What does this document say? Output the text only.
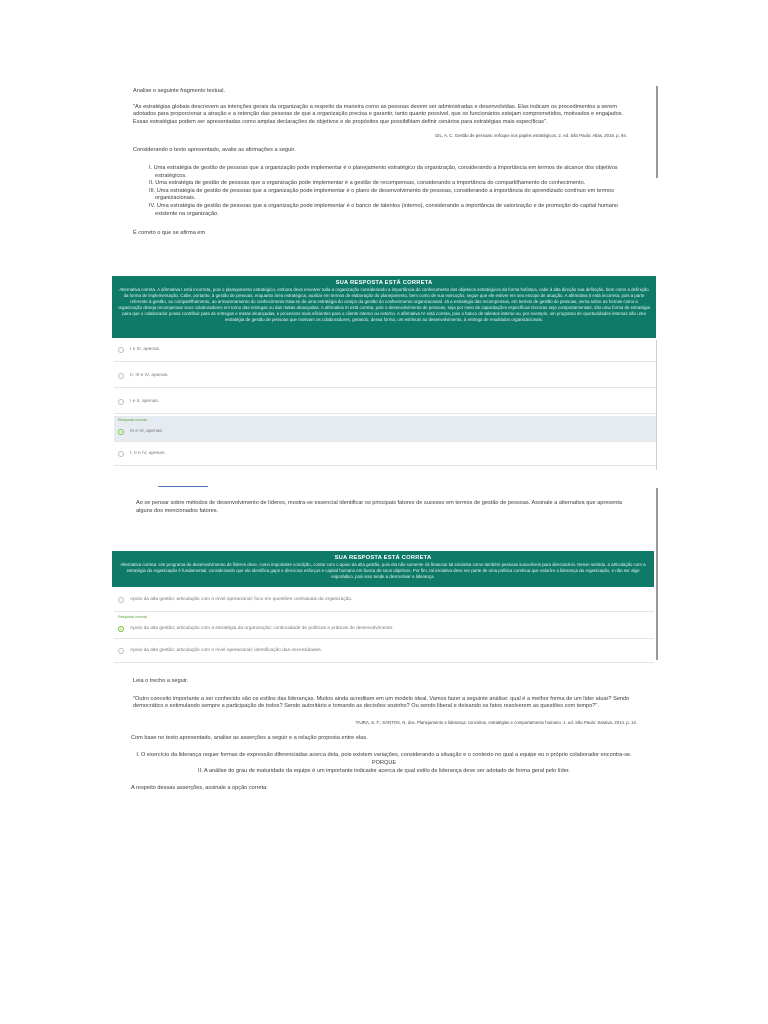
Analise o seguinte fragmento textual.

"As estratégias globais descrevem as intenções gerais da organização a respeito da maneira como as pessoas devem ser administradas e desenvolvidas. Elas indicam os procedimentos a serem adotados para proporcionar a atração e a retenção das pessoas de que a organização precisa e garantir, tanto quanto possível, que os funcionários estejam comprometidos, motivados e engajados. Essas estratégias podem ser apresentadas como amplas declarações de objetivos e de propósitos que possibilitam definir cenários para estratégias mais específicas".

GIL, A. C. Gestão de pessoas: enfoque nos papéis estratégicos. 2. ed. São Paulo: Atlas, 2016. p. 94.

Considerando o texto apresentado, avalie as afirmações a seguir.

I. Uma estratégia de gestão de pessoas que a organização pode implementar é o planejamento estratégico da organização, considerando a importância em termos de alcance dos objetivos estratégicos.

II. Uma estratégia de gestão de pessoas que a organização pode implementar é a gestão de recompensas, considerando a importância do compartilhamento do conhecimento.

III. Uma estratégia de gestão de pessoas que a organização pode implementar é o plano de desenvolvimento de pessoas, considerando a importância do aprendizado contínuo em termos organizacionais.

IV. Uma estratégia de gestão de pessoas que a organização pode implementar é o banco de talentos (interno), considerando a importância de valorização e de promoção do capital humano existente na organização.

É correto o que se afirma em

SUA RESPOSTA ESTÁ CORRETA
Alternativa correta. A afirmativa I está incorreta, pois o planejamento estratégico, embora deva envolver toda a organização considerando a importância do conhecimento dos objetivos estratégicos da forma holística, cabe à alta direção sua definição, bem como a definição da forma de implementação. Cabe, portanto, à gestão de pessoas, enquanto área estratégica, auxiliar em termos de elaboração do planejamento, bem como de sua execução, segue que ele estiver em seu escopo de atuação. A afirmativa II está incorreta, pois a parte referente à gestão, ao compartilhamento, ao armazenamento do conhecimento trata-se de uma estratégia do campo da gestão do conhecimento organizacional. Já a estratégia das recompensas, em termos de gestão de pessoas, versa sobre as formas como a organização deseja recompensar seus colaboradores em torno das entregas ou das metas alcançadas. A afirmativa III está correta, pois o desenvolvimento de pessoas, seja por meio de capacitações específicas técnicas seja comportamentais, são uma forma de estratégia para que o colaborador possa contribuir para as entregas e metas alcançadas, e processos mais eficientes para o cliente interno ou externo. A afirmativa IV está correta, pois o banco de talentos interno ou, por exemplo, um programa de oportunidades internas são uma estratégia de gestão de pessoas que motivam os colaboradores, gerando, dessa forma, um estímulo ao desenvolvimento, à entrega de resultados organizacionais.
I e III, apenas.
II, III e IV, apenas.
I e II, apenas.
Resposta correta
III e IV, apenas.
I, II e IV, apenas.

Ao se pensar sobre métodos de desenvolvimento de líderes, mostra-se essencial identificar os principais fatores de sucesso em termos de gestão de pessoas. Assinale a alternativa que apresenta alguns dos mencionados fatores.

SUA RESPOSTA ESTÁ CORRETA
Alternativa correta. Um programa de desenvolvimento de líderes deve, como importante condição, contar com o apoio da alta gestão, pois ela não somente irá financiar tal iniciativa como também pessoas suscetíveis para direcioná-la. Nesse sentido, a articulação com a estratégia da organização é fundamental, considerando que ela identifica gaps e direciona esforços e capital humano em busca de seus objetivos. Por fim, tal iniciativa deve ser parte de uma política contínua que valorize a liderança da organização, e não ser algo esporádico, pois isso tende a desmotivar a liderança.
Apoio da alta gestão; articulação com o nível operacional; foco em questões contratuais da organização.
Resposta correta
Apoio da alta gestão; articulação com a estratégia da organização; continuidade de políticas e práticas de desenvolvimento.
Apoio da alta gestão; articulação com o nível operacional; identificação das necessidades.

Leia o trecho a seguir.

"Outro conceito importante a ser conhecido são os estilos das lideranças. Muitos ainda acreditam em um modelo ideal. Vamos fazer a seguinte análise: qual é a melhor forma de um líder atuar? Sendo democrático e estimulando sempre a participação de todos? Sendo autoritário e tomando as decisões sozinho? Ou sendo liberal e deixando os fatos resolverem as questões com tempo?".

TAJRA, S. F.; SANTOS, N. dos. Planejamento e liderança: conceitos, estratégias e comportamento humano. 1. ed. São Paulo: Saraiva, 2014. p. 14.

Com base no texto apresentado, analise as asserções a seguir e a relação proposta entre elas.

I. O exercício da liderança requer formas de expressão diferenciadas acerca dela, pois existem variações, considerando a situação e o contexto no qual a equipe eu o próprio colaborador encontra-se.

PORQUE

II. A análise do grau de maturidade da equipe é um importante indicador acerca de qual estilo de liderança deve ser adotado de forma geral pelo líder.

A respeito dessas asserções, assinale a opção correta:
